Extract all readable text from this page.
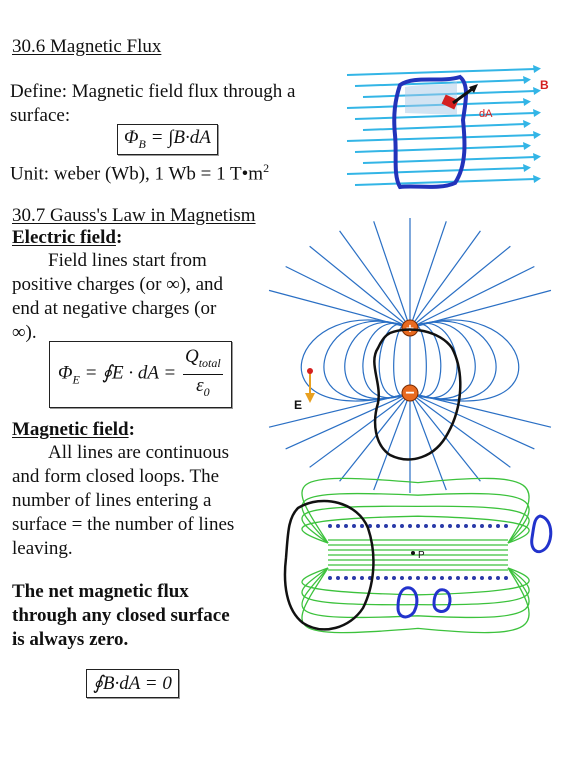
30.6 Magnetic Flux
Define: Magnetic field flux through a
surface:
$\Phi_B = \int B\cdot dA$
Unit: weber (Wb), 1 Wb = 1 $T•m^2$
dA
B
30.7 Gauss's Law in Magnetism
Electric field:
Field lines start from
positive charges (or ∞), and
end at negative charges (or
∞).
$\Phi_E$ = ∮E · dA = $\frac{Q_{total}}{\varepsilon_0}$
E
+
−
Magnetic field:
All lines are continuous
and form closed loops. The
number of lines entering a
surface = the number of lines
leaving.
The net magnetic flux
through any closed surface
is always zero.
∮B·dA = 0
P
